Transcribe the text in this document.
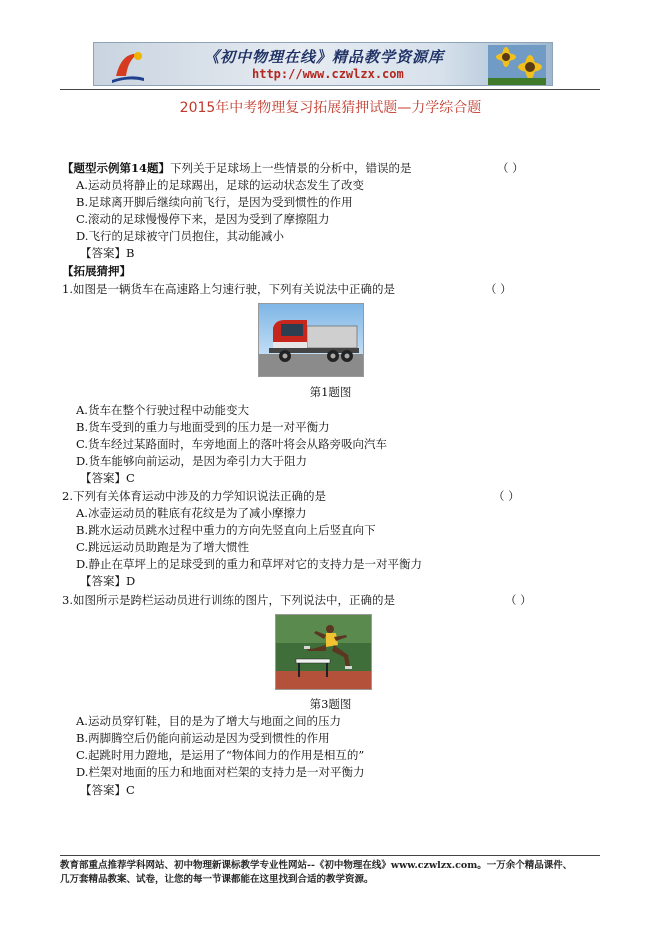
《初中物理在线》精品教学资源库
http://www.czwlzx.com
2015年中考物理复习拓展猜押试题—力学综合题
【题型示例第14题】下列关于足球场上一些情景的分析中，错误的是	（ ）
A.运动员将静止的足球踢出，足球的运动状态发生了改变
B.足球离开脚后继续向前飞行，是因为受到惯性的作用
C.滚动的足球慢慢停下来，是因为受到了摩擦阻力
D.飞行的足球被守门员抱住，其动能减小
【答案】B
【拓展猜押】
1.如图是一辆货车在高速路上匀速行驶，下列有关说法中正确的是	（ ）
第1题图
A.货车在整个行驶过程中动能变大
B.货车受到的重力与地面受到的压力是一对平衡力
C.货车经过某路面时，车旁地面上的落叶将会从路旁吸向汽车
D.货车能够向前运动，是因为牵引力大于阻力
【答案】C
2.下列有关体育运动中涉及的力学知识说法正确的是	（ ）
A.冰壶运动员的鞋底有花纹是为了减小摩擦力
B.跳水运动员跳水过程中重力的方向先竖直向上后竖直向下
C.跳远运动员助跑是为了增大惯性
D.静止在草坪上的足球受到的重力和草坪对它的支持力是一对平衡力
【答案】D
3.如图所示是跨栏运动员进行训练的图片，下列说法中，正确的是	（ ）
第3题图
A.运动员穿钉鞋，目的是为了增大与地面之间的压力
B.两脚腾空后仍能向前运动是因为受到惯性的作用
C.起跳时用力蹬地，是运用了“物体间力的作用是相互的”
D.栏架对地面的压力和地面对栏架的支持力是一对平衡力
【答案】C
教育部重点推荐学科网站、初中物理新课标教学专业性网站--《初中物理在线》www.czwlzx.com。一万余个精品课件、
几万套精品教案、试卷，让您的每一节课都能在这里找到合适的教学资源。
